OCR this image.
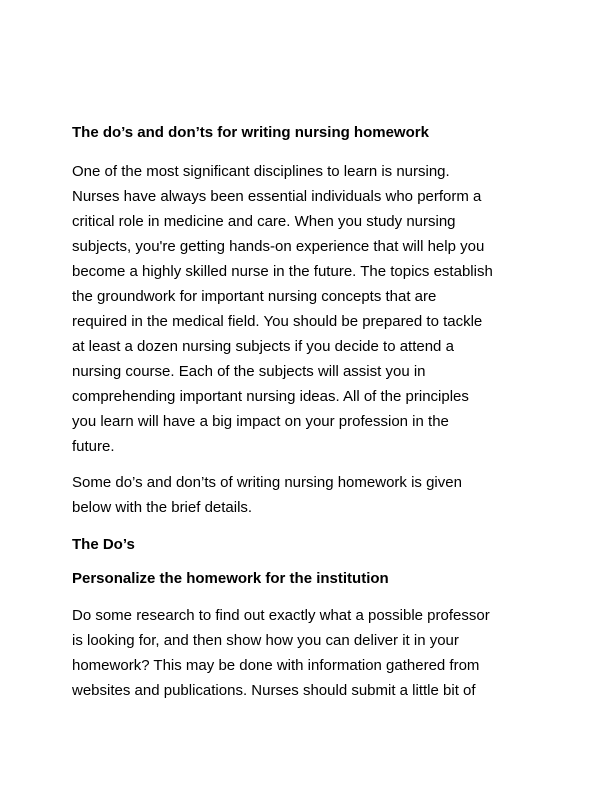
The do’s and don’ts for writing nursing homework
One of the most significant disciplines to learn is nursing.
Nurses have always been essential individuals who perform a
critical role in medicine and care. When you study nursing
subjects, you're getting hands-on experience that will help you
become a highly skilled nurse in the future. The topics establish
the groundwork for important nursing concepts that are
required in the medical field. You should be prepared to tackle
at least a dozen nursing subjects if you decide to attend a
nursing course. Each of the subjects will assist you in
comprehending important nursing ideas. All of the principles
you learn will have a big impact on your profession in the
future.
Some do’s and don’ts of writing nursing homework is given
below with the brief details.
The Do’s
Personalize the homework for the institution
Do some research to find out exactly what a possible professor
is looking for, and then show how you can deliver it in your
homework? This may be done with information gathered from
websites and publications. Nurses should submit a little bit of
